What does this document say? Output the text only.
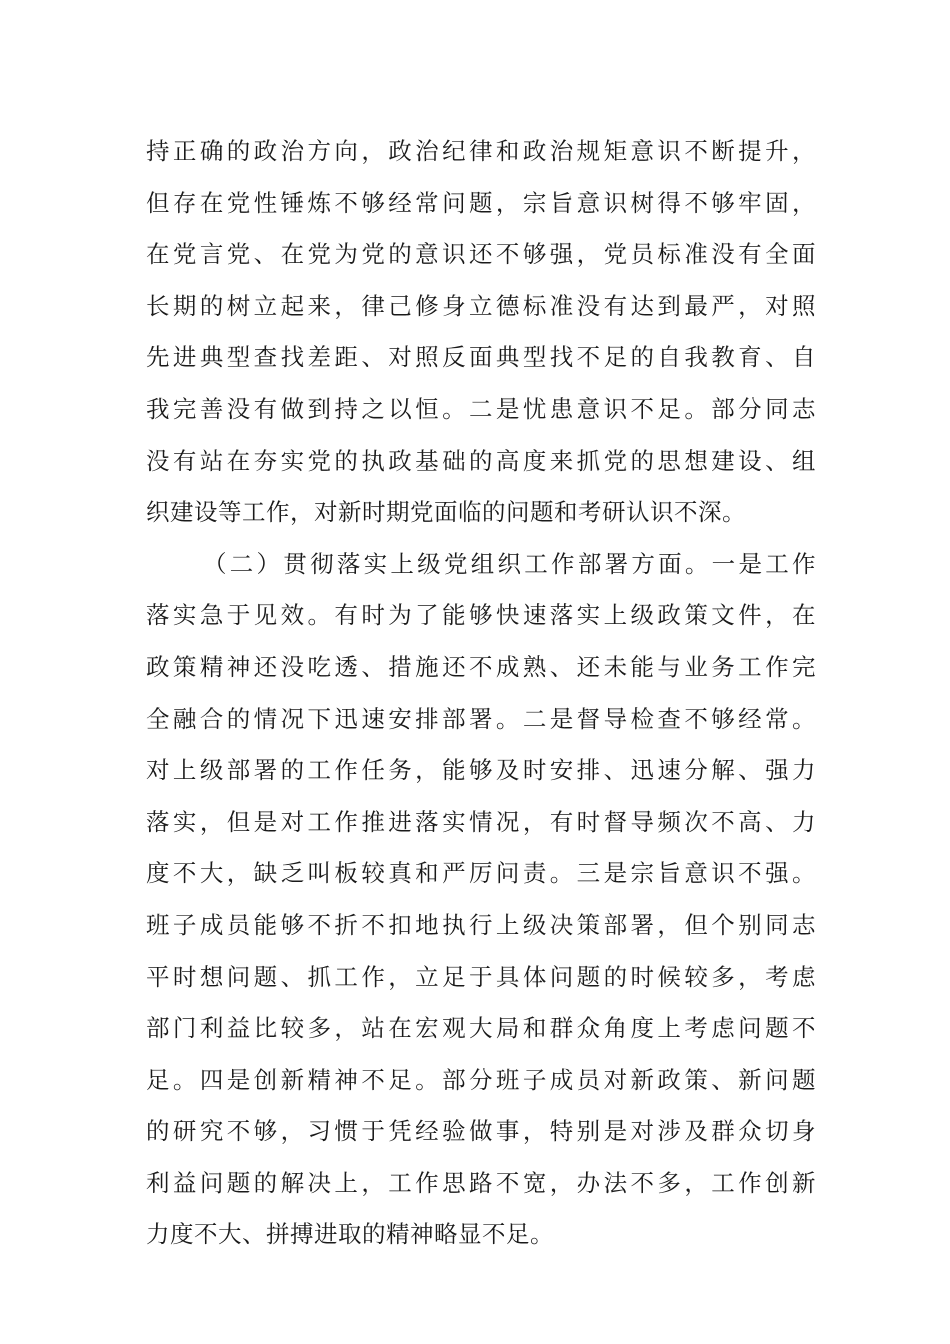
持正确的政治方向，政治纪律和政治规矩意识不断提升，
但存在党性锤炼不够经常问题，宗旨意识树得不够牢固，
在党言党、在党为党的意识还不够强，党员标准没有全面
长期的树立起来，律己修身立德标准没有达到最严，对照
先进典型查找差距、对照反面典型找不足的自我教育、自
我完善没有做到持之以恒。二是忧患意识不足。部分同志
没有站在夯实党的执政基础的高度来抓党的思想建设、组
织建设等工作，对新时期党面临的问题和考研认识不深。
（二）贯彻落实上级党组织工作部署方面。一是工作
落实急于见效。有时为了能够快速落实上级政策文件，在
政策精神还没吃透、措施还不成熟、还未能与业务工作完
全融合的情况下迅速安排部署。二是督导检查不够经常。
对上级部署的工作任务，能够及时安排、迅速分解、强力
落实，但是对工作推进落实情况，有时督导频次不高、力
度不大，缺乏叫板较真和严厉问责。三是宗旨意识不强。
班子成员能够不折不扣地执行上级决策部署，但个别同志
平时想问题、抓工作，立足于具体问题的时候较多，考虑
部门利益比较多，站在宏观大局和群众角度上考虑问题不
足。四是创新精神不足。部分班子成员对新政策、新问题
的研究不够，习惯于凭经验做事，特别是对涉及群众切身
利益问题的解决上，工作思路不宽，办法不多，工作创新
力度不大、拼搏进取的精神略显不足。
